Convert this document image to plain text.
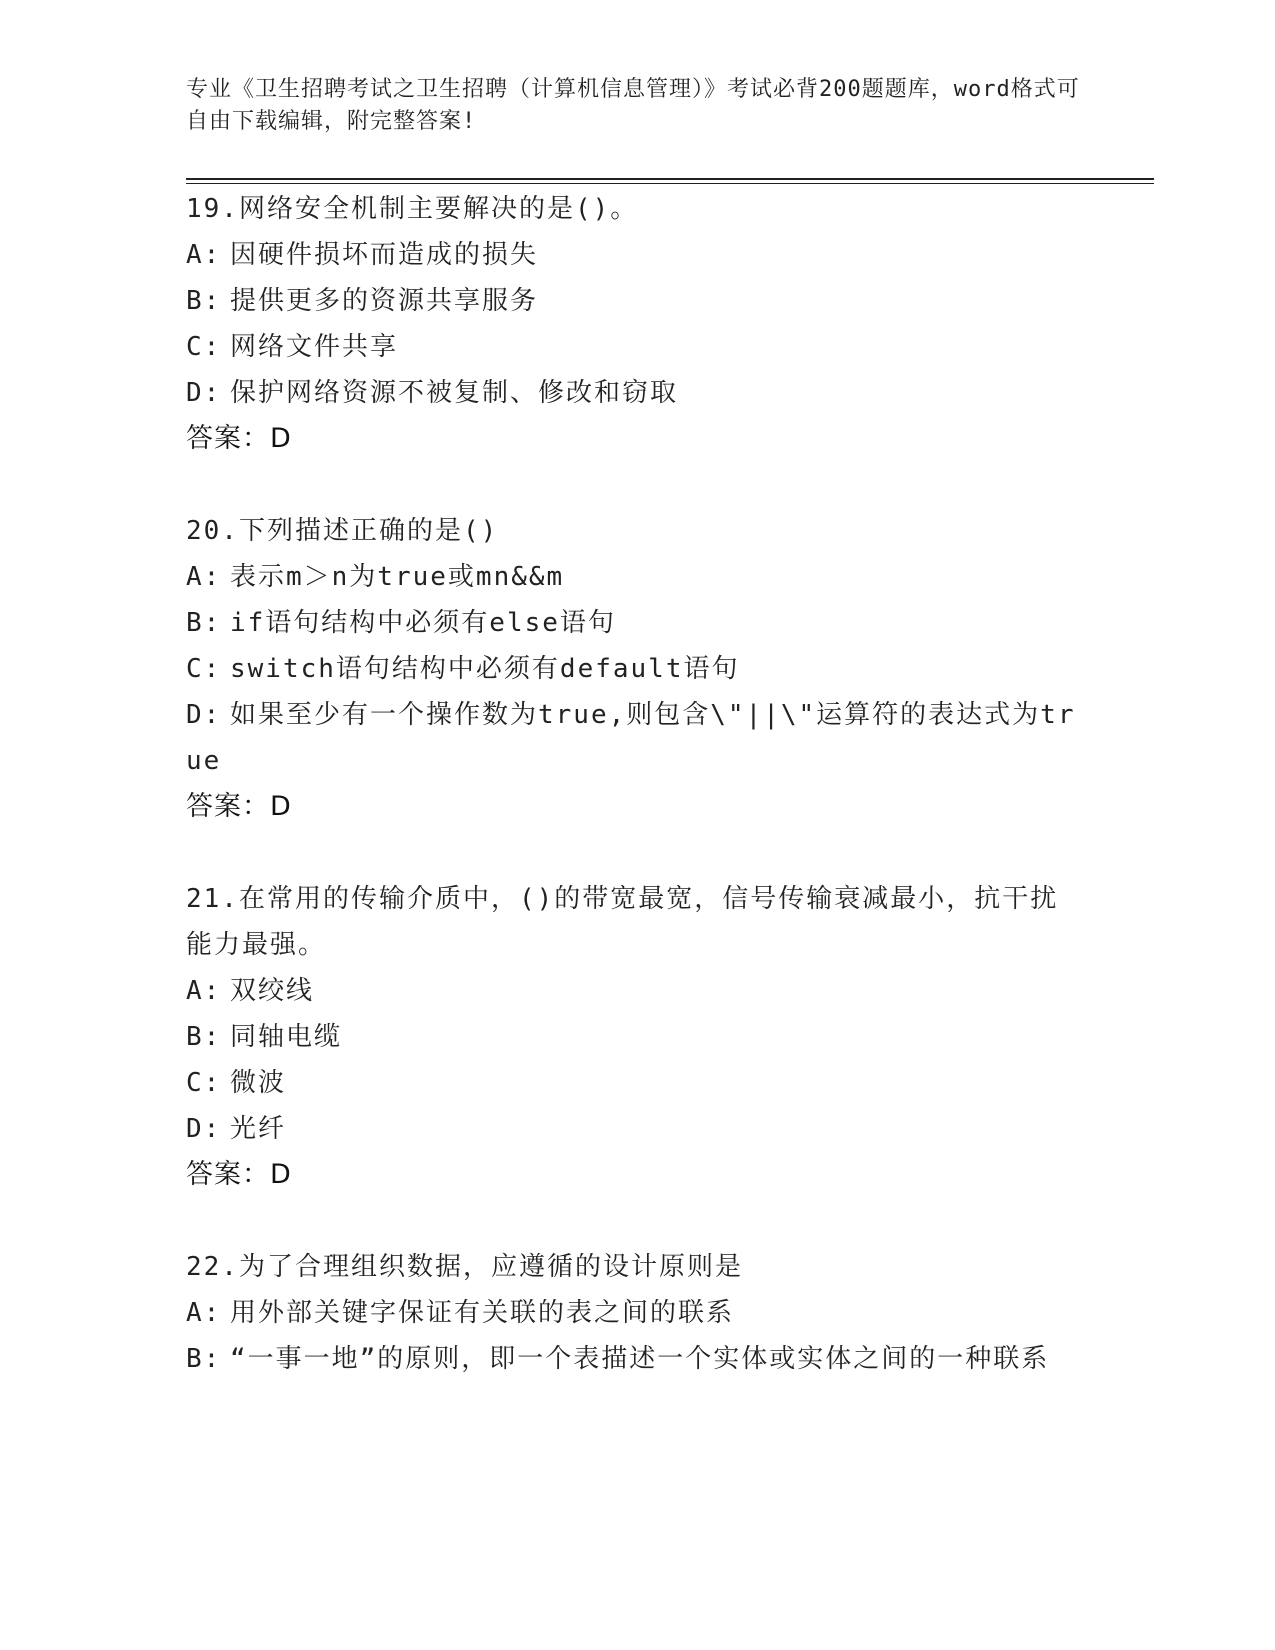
专业《卫生招聘考试之卫生招聘（计算机信息管理）》考试必背200题题库，word格式可自由下载编辑，附完整答案!
19.网络安全机制主要解决的是()。
A: 因硬件损坏而造成的损失
B: 提供更多的资源共享服务
C: 网络文件共享
D: 保护网络资源不被复制、修改和窃取
答案：D
20.下列描述正确的是()
A: 表示m＞n为true或mn&&m
B: if语句结构中必须有else语句
C: switch语句结构中必须有default语句
D: 如果至少有一个操作数为true,则包含\"||\"运算符的表达式为true
答案：D
21.在常用的传输介质中，()的带宽最宽，信号传输衰减最小，抗干扰能力最强。
A: 双绞线
B: 同轴电缆
C: 微波
D: 光纤
答案：D
22.为了合理组织数据，应遵循的设计原则是
A: 用外部关键字保证有关联的表之间的联系
B: “一事一地”的原则，即一个表描述一个实体或实体之间的一种联系
